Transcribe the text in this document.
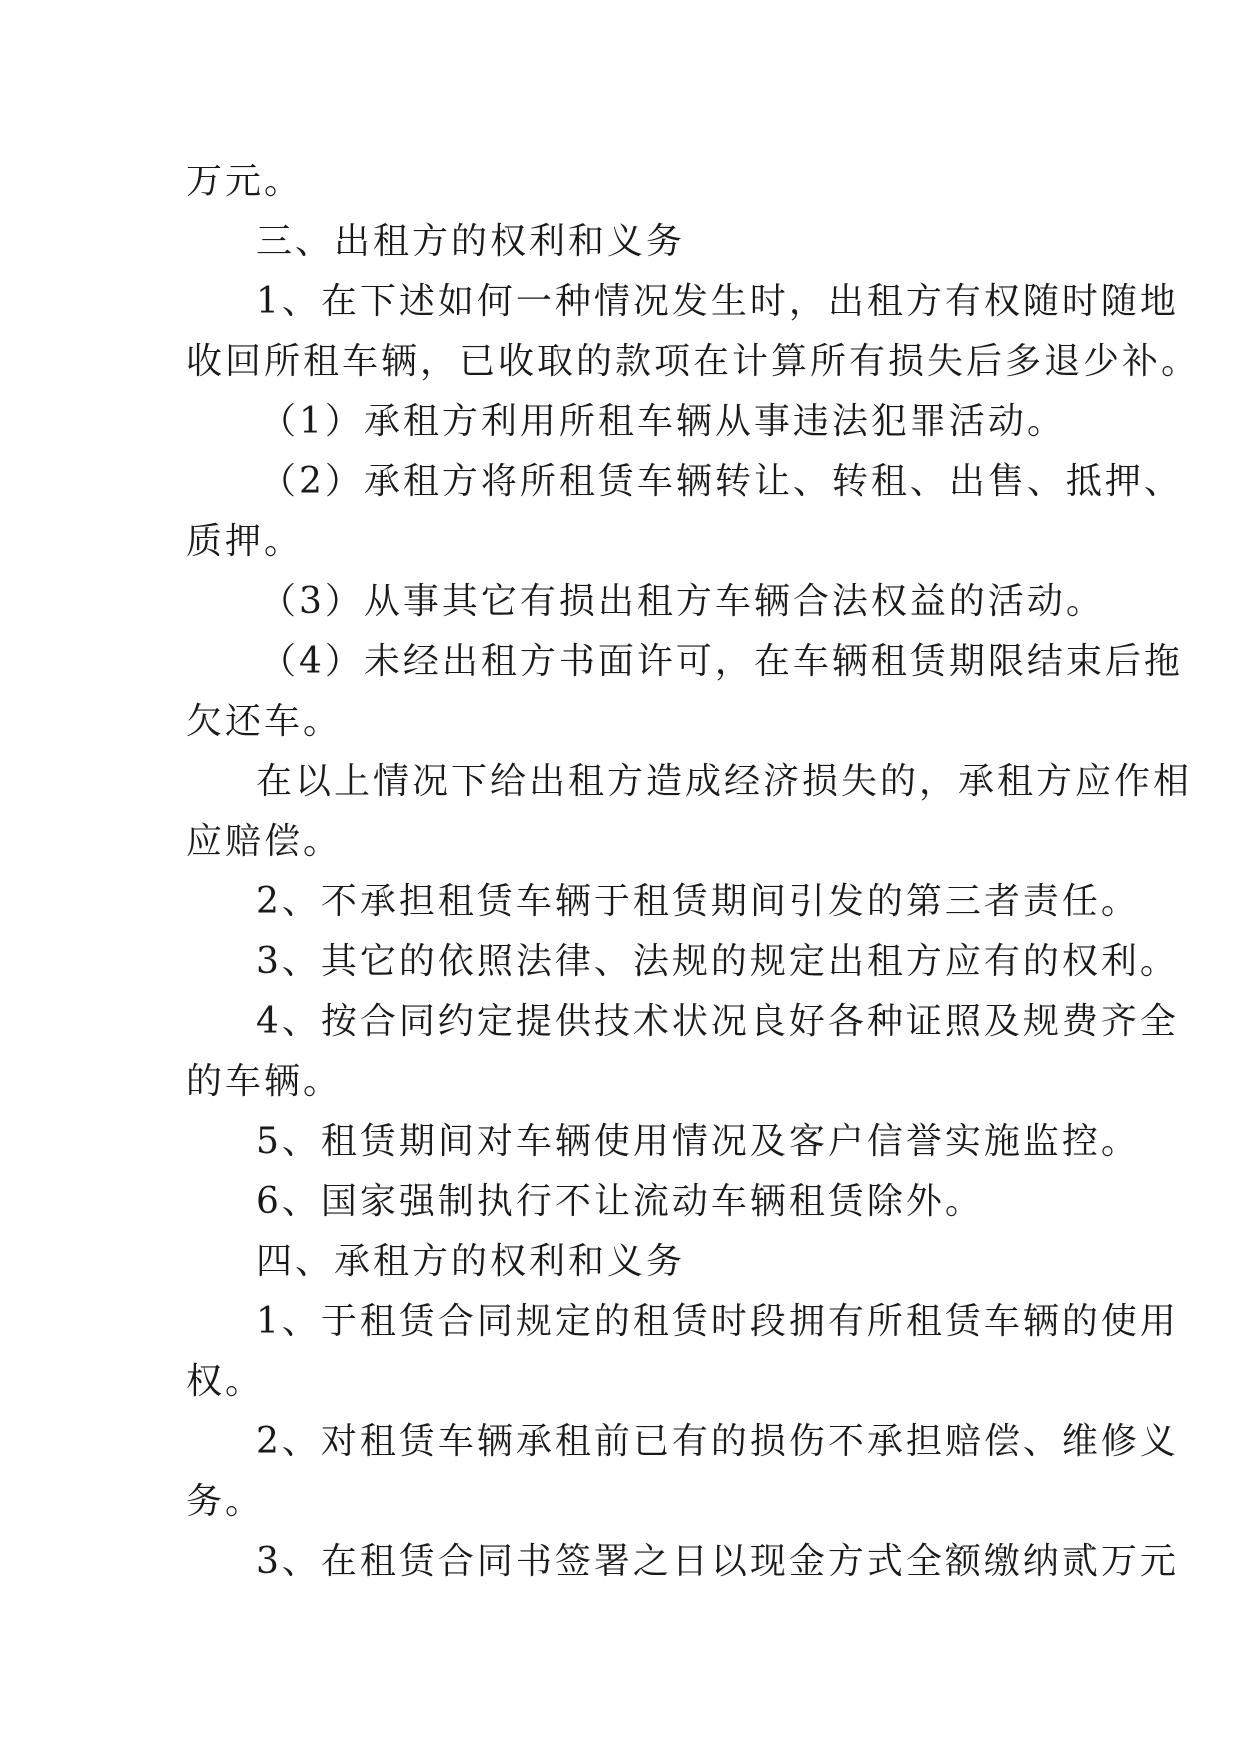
万元。
三、出租方的权利和义务
1、在下述如何一种情况发生时，出租方有权随时随地
收回所租车辆，已收取的款项在计算所有损失后多退少补。
（1）承租方利用所租车辆从事违法犯罪活动。
（2）承租方将所租赁车辆转让、转租、出售、抵押、
质押。
（3）从事其它有损出租方车辆合法权益的活动。
（4）未经出租方书面许可，在车辆租赁期限结束后拖
欠还车。
在以上情况下给出租方造成经济损失的，承租方应作相
应赔偿。
2、不承担租赁车辆于租赁期间引发的第三者责任。
3、其它的依照法律、法规的规定出租方应有的权利。
4、按合同约定提供技术状况良好各种证照及规费齐全
的车辆。
5、租赁期间对车辆使用情况及客户信誉实施监控。
6、国家强制执行不让流动车辆租赁除外。
四、承租方的权利和义务
1、于租赁合同规定的租赁时段拥有所租赁车辆的使用
权。
2、对租赁车辆承租前已有的损伤不承担赔偿、维修义
务。
3、在租赁合同书签署之日以现金方式全额缴纳贰万元
